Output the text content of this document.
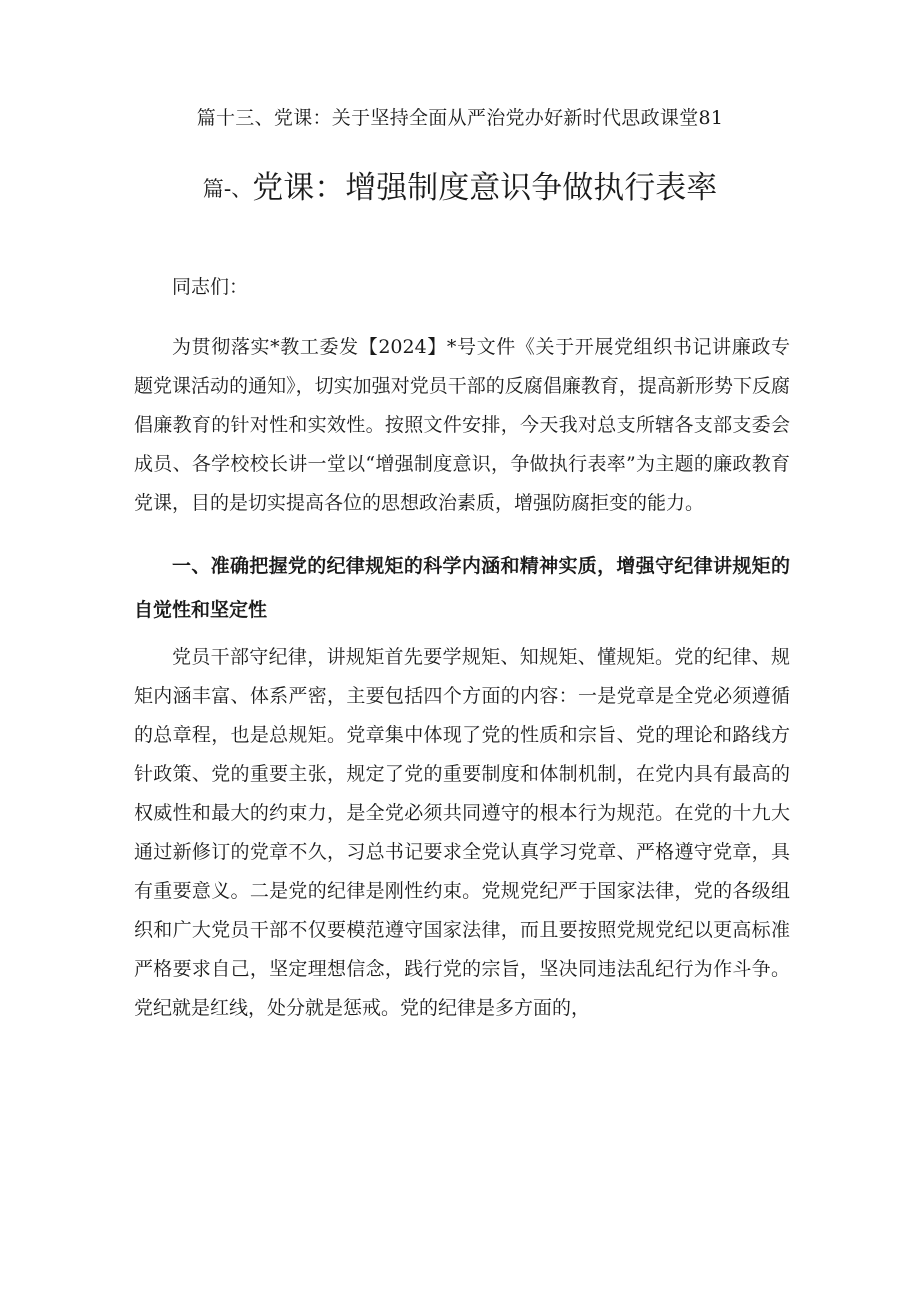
篇十三、党课：关于坚持全面从严治党办好新时代思政课堂81
篇-、党课：增强制度意识争做执行表率

同志们：

为贯彻落实*教工委发【2024】*号文件《关于开展党组织书记讲廉政专题党课活动的通知》，切实加强对党员干部的反腐倡廉教育，提高新形势下反腐倡廉教育的针对性和实效性。按照文件安排，今天我对总支所辖各支部支委会成员、各学校校长讲一堂以“增强制度意识，争做执行表率”为主题的廉政教育党课，目的是切实提高各位的思想政治素质，增强防腐拒变的能力。

一、准确把握党的纪律规矩的科学内涵和精神实质，增强守纪律讲规矩的自觉性和坚定性

党员干部守纪律，讲规矩首先要学规矩、知规矩、懂规矩。党的纪律、规矩内涵丰富、体系严密，主要包括四个方面的内容：一是党章是全党必须遵循的总章程，也是总规矩。党章集中体现了党的性质和宗旨、党的理论和路线方针政策、党的重要主张，规定了党的重要制度和体制机制，在党内具有最高的权威性和最大的约束力，是全党必须共同遵守的根本行为规范。在党的十九大通过新修订的党章不久，习总书记要求全党认真学习党章、严格遵守党章，具有重要意义。二是党的纪律是刚性约束。党规党纪严于国家法律，党的各级组织和广大党员干部不仅要模范遵守国家法律，而且要按照党规党纪以更高标准严格要求自己，坚定理想信念，践行党的宗旨，坚决同违法乱纪行为作斗争。党纪就是红线，处分就是惩戒。党的纪律是多方面的，
